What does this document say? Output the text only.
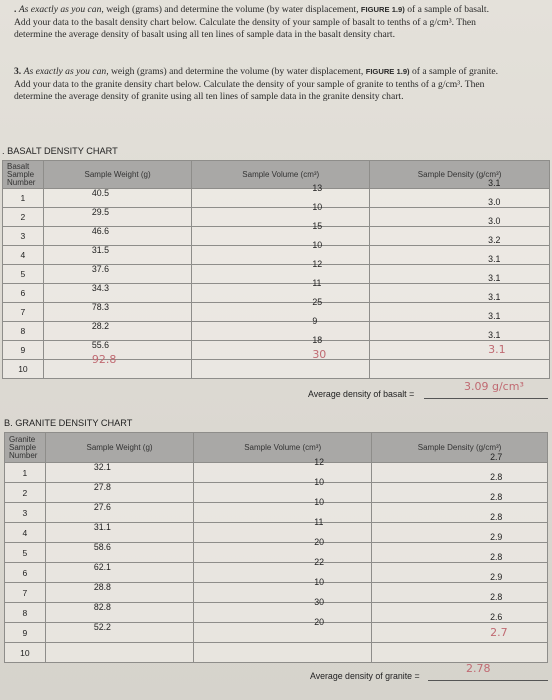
. As exactly as you can, weigh (grams) and determine the volume (by water displacement, FIGURE 1.9) of a sample of basalt.
Add your data to the basalt density chart below. Calculate the density of your sample of basalt to tenths of a g/cm³. Then
determine the average density of basalt using all ten lines of sample data in the basalt density chart.
3. As exactly as you can, weigh (grams) and determine the volume (by water displacement, FIGURE 1.9) of a sample of granite.
Add your data to the granite density chart below. Calculate the density of your sample of granite to tenths of a g/cm³. Then
determine the average density of granite using all ten lines of sample data in the granite density chart.
. BASALT DENSITY CHART
Basalt
Sample
Number	Sample Weight (g)	Sample Volume (cm³)	Sample Density (g/cm³)
1	40.5	13	3.1

2	29.5	10	3.0

3	46.6	15	3.0

4	31.5	10	3.2

5	37.6	12	3.1

6	34.3	11	3.1

7	78.3	25	3.1

8	28.2	9	3.1

9	55.6	18	3.1

10	92.8	30	3.1
Average density of basalt =
3.09 g/cm³
B. GRANITE DENSITY CHART
Granite
Sample
Number	Sample Weight (g)	Sample Volume (cm³)	Sample Density (g/cm³)
1	32.1	12	2.7

2	27.8	10	2.8

3	27.6	10	2.8

4	31.1	11	2.8

5	58.6	20	2.9

6	62.1	22	2.8

7	28.8	10	2.9

8	82.8	30	2.8

9	52.2	20	2.6

10			2.7
Average density of granite =
2.78
